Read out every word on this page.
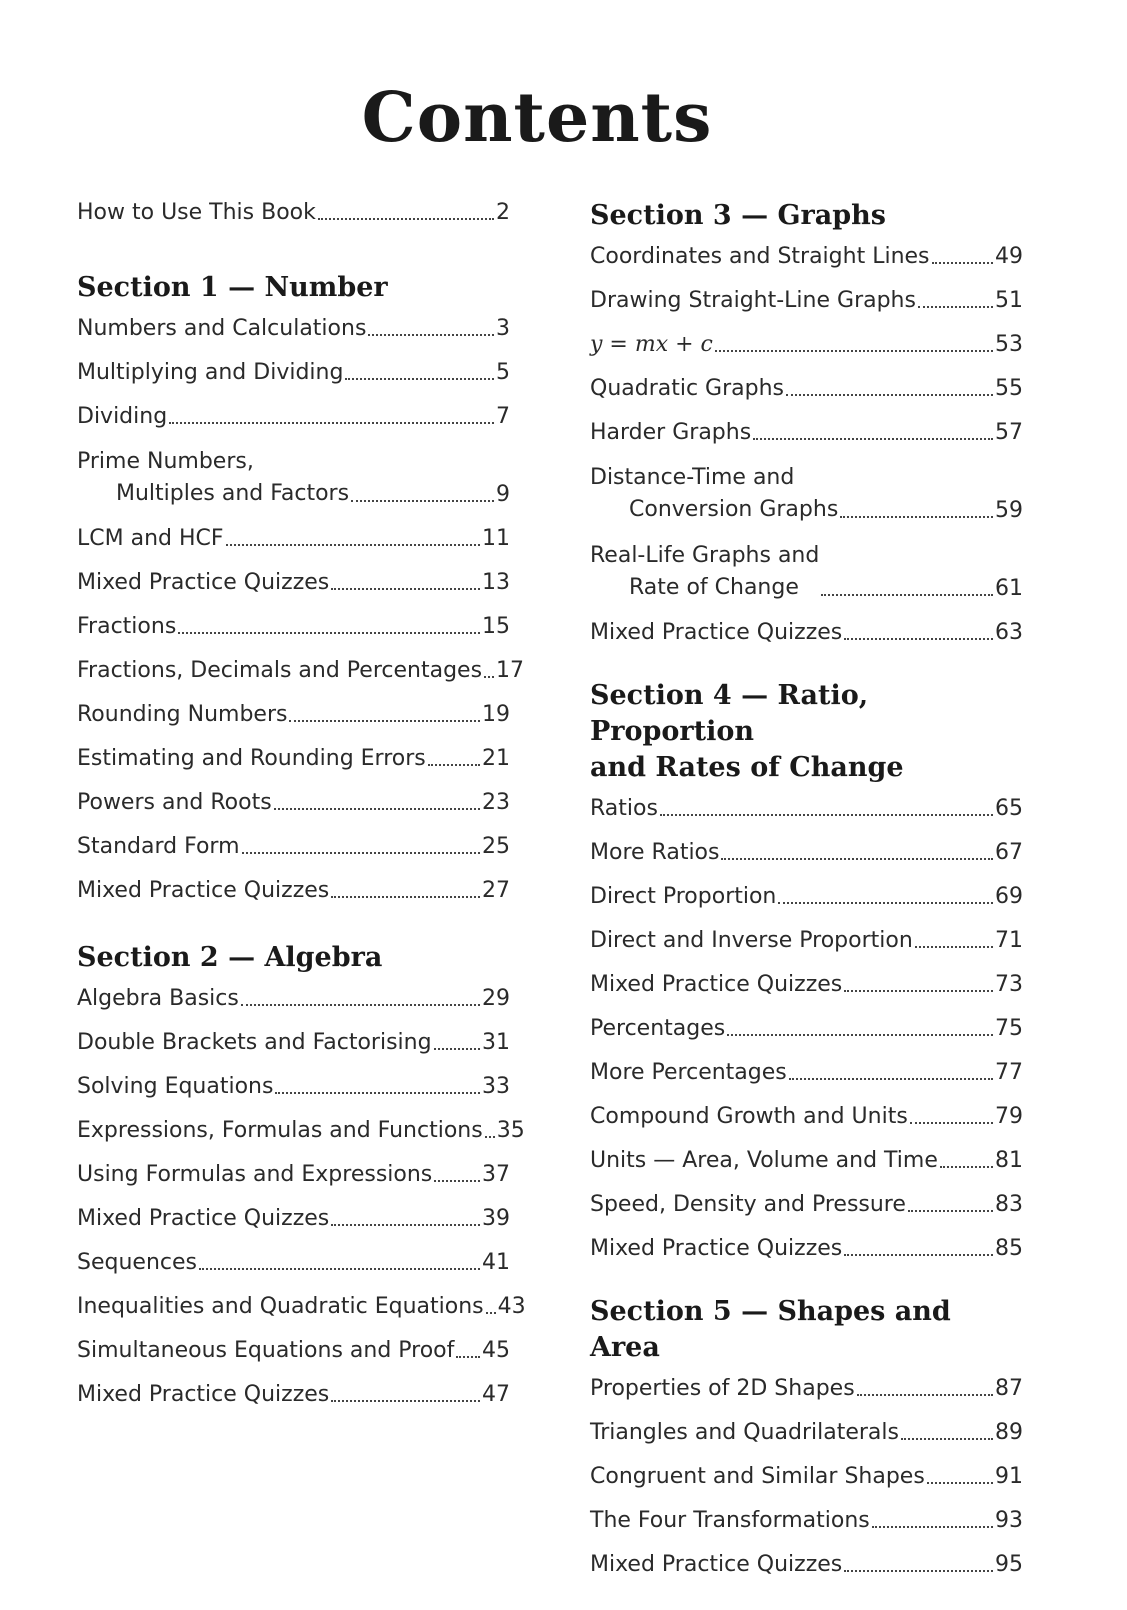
Contents
How to Use This Book	2
Section 1 — Number
Numbers and Calculations	3
Multiplying and Dividing	5
Dividing	7
Prime Numbers,
Multiples and Factors	9
LCM and HCF	11
Mixed Practice Quizzes	13
Fractions	15
Fractions, Decimals and Percentages 17
Rounding Numbers	19
Estimating and Rounding Errors	21
Powers and Roots	23
Standard Form	25
Mixed Practice Quizzes	27
Section 2 — Algebra
Algebra Basics	29
Double Brackets and Factorising 31
Solving Equations	33
Expressions, Formulas and Functions 35
Using Formulas and Expressions 37
Mixed Practice Quizzes	39
Sequences	41
Inequalities and Quadratic Equations 43
Simultaneous Equations and Proof 45
Mixed Practice Quizzes	47
Section 3 — Graphs
Coordinates and Straight Lines	49
Drawing Straight-Line Graphs	51
y = mx + c	53
Quadratic Graphs	55
Harder Graphs	57
Distance-Time and
Conversion Graphs	59
Real-Life Graphs and
Rate of Change	61
Mixed Practice Quizzes	63
Section 4 — Ratio, Proportion
and Rates of Change
Ratios	65
More Ratios	67
Direct Proportion	69
Direct and Inverse Proportion	71
Mixed Practice Quizzes	73
Percentages	75
More Percentages	77
Compound Growth and Units	79
Units — Area, Volume and Time	81
Speed, Density and Pressure	83
Mixed Practice Quizzes	85
Section 5 — Shapes and Area
Properties of 2D Shapes	87
Triangles and Quadrilaterals	89
Congruent and Similar Shapes	91
The Four Transformations	93
Mixed Practice Quizzes	95
